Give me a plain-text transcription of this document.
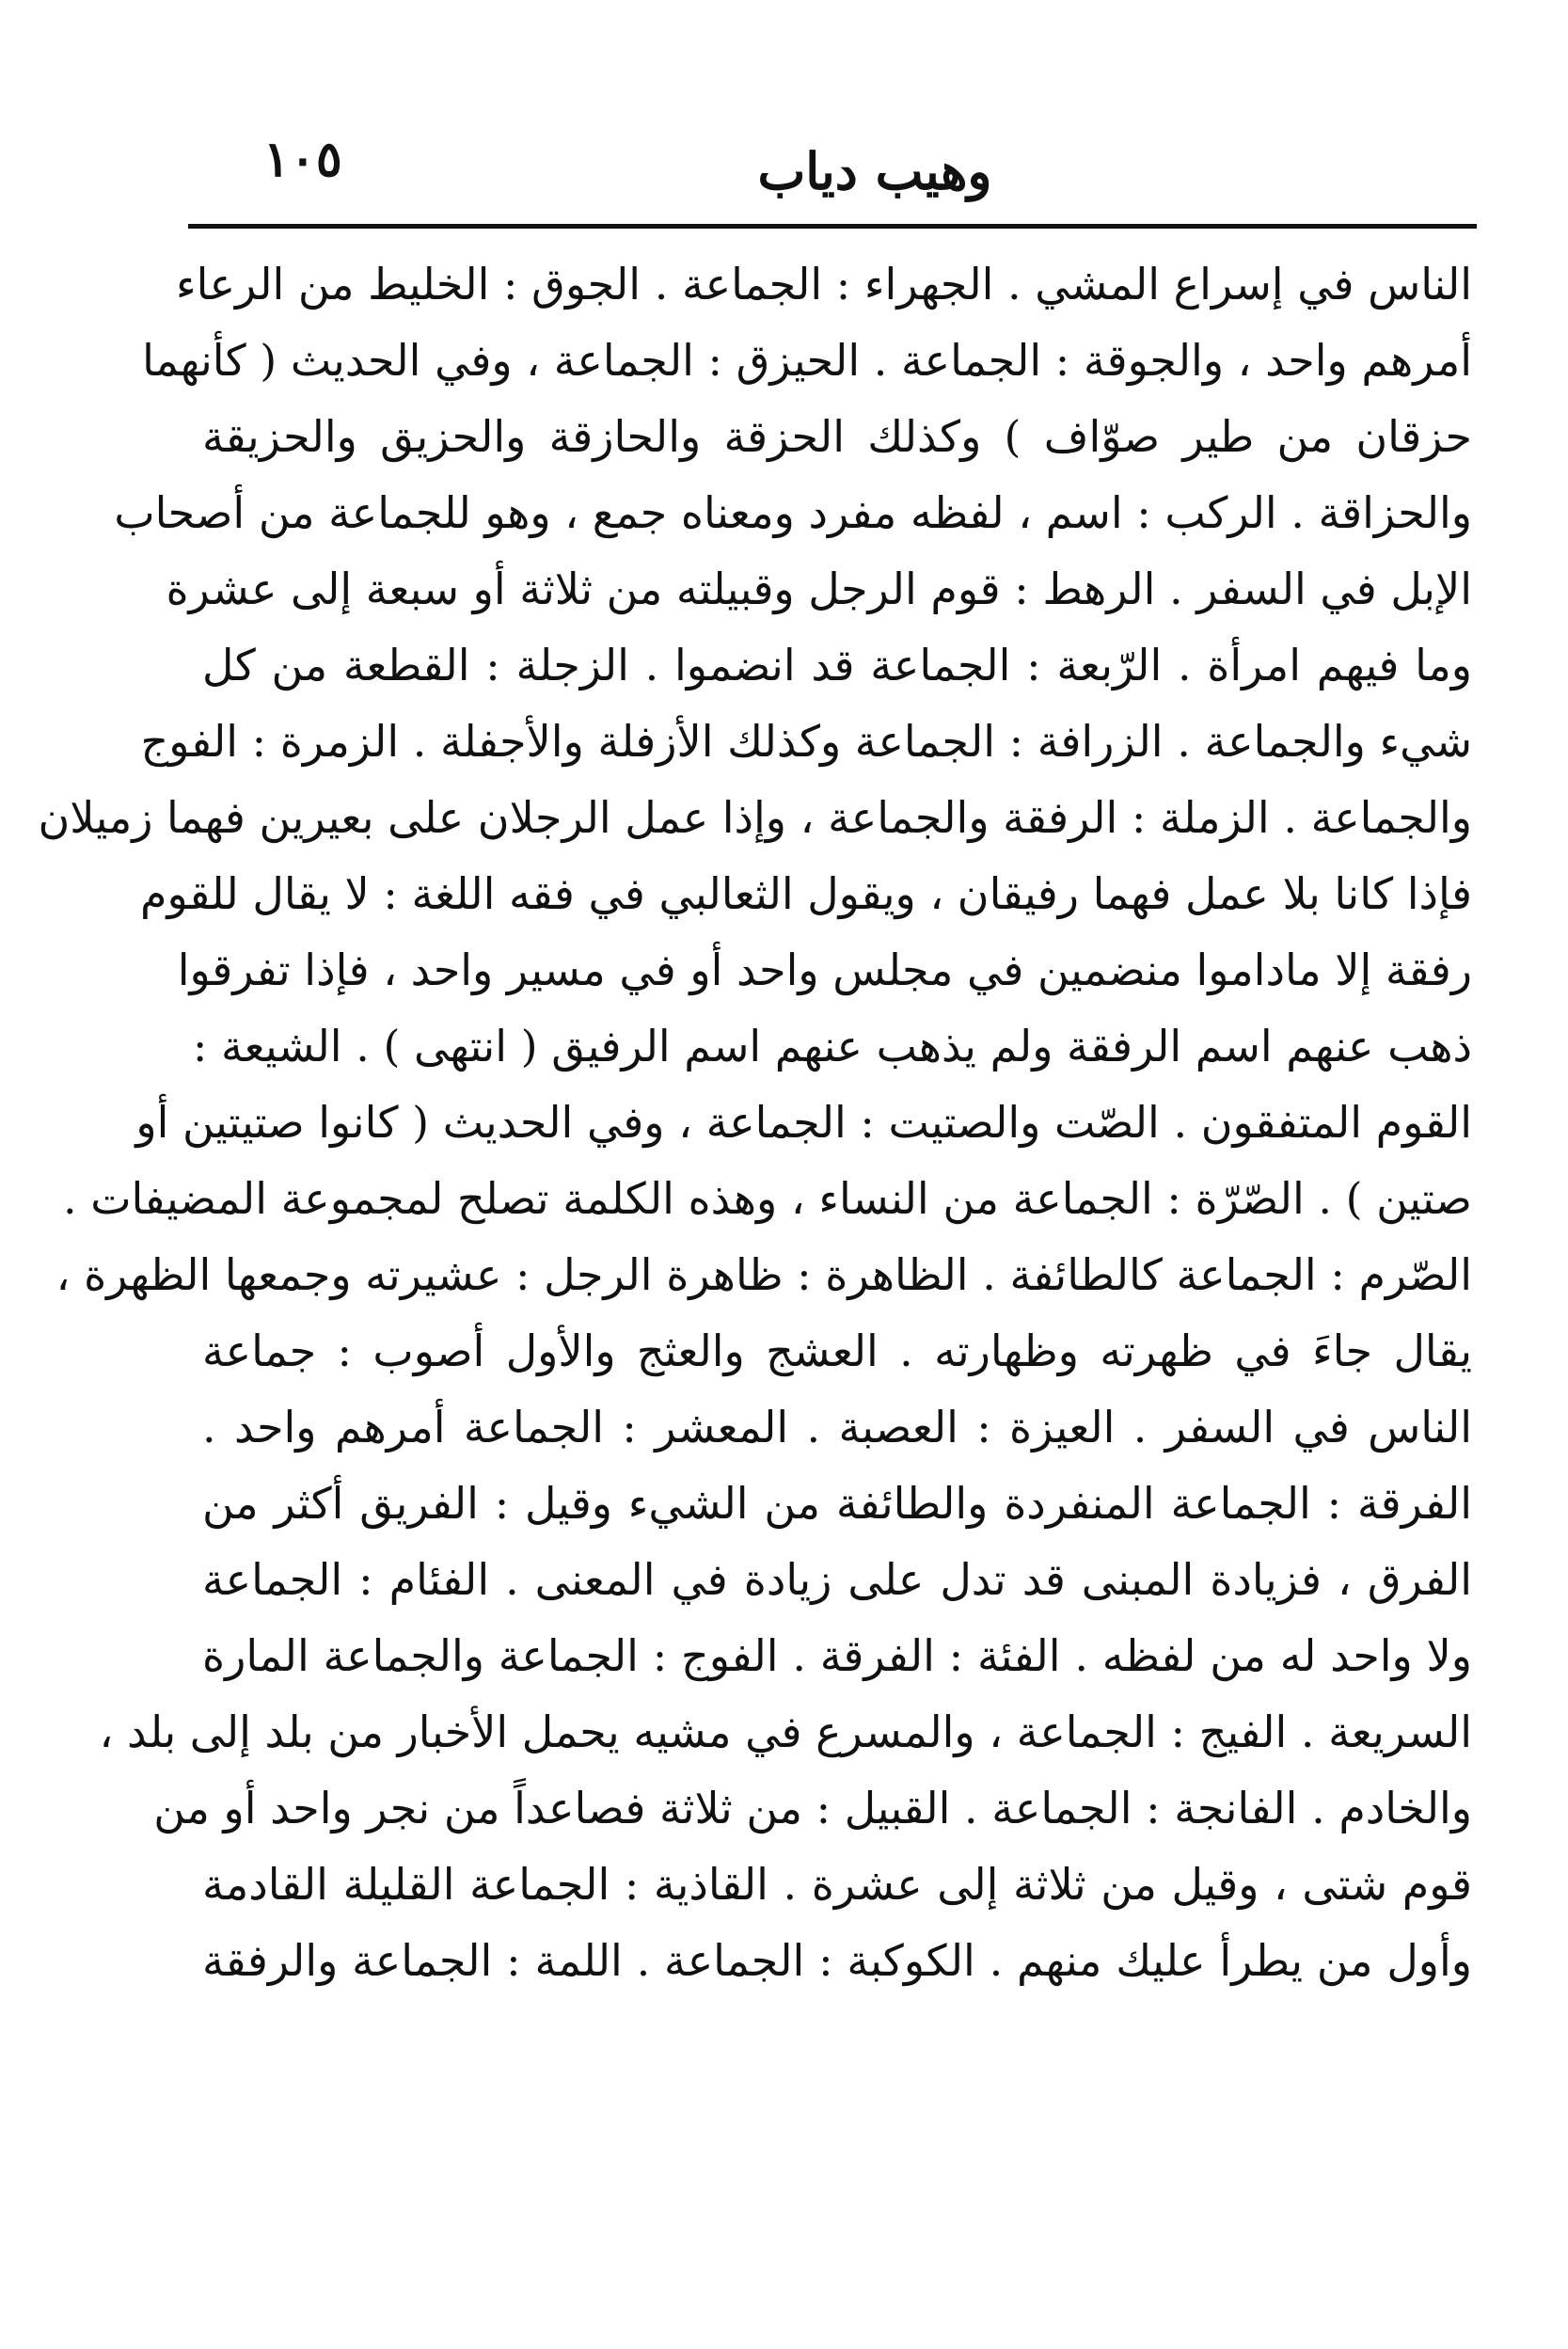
١٠٥	وهيب دياب
الناس في إسراع المشي . الجهراء : الجماعة . الجوق : الخليط من الرعاء
أمرهم واحد ، والجوقة : الجماعة . الحيزق : الجماعة ، وفي الحديث ( كأنهما
حزقان من طير صوّاف ) وكذلك الحزقة والحازقة والحزيق والحزيقة
والحزاقة . الركب : اسم ، لفظه مفرد ومعناه جمع ، وهو للجماعة من أصحاب
الإبل في السفر . الرهط : قوم الرجل وقبيلته من ثلاثة أو سبعة إلى عشرة
وما فيهم امرأة . الرّبعة : الجماعة قد انضموا . الزجلة : القطعة من كل
شيء والجماعة . الزرافة : الجماعة وكذلك الأزفلة والأجفلة . الزمرة : الفوج
والجماعة . الزملة : الرفقة والجماعة ، وإذا عمل الرجلان على بعيرين فهما زميلان
فإذا كانا بلا عمل فهما رفيقان ، ويقول الثعالبي في فقه اللغة : لا يقال للقوم
رفقة إلا ماداموا منضمين في مجلس واحد أو في مسير واحد ، فإذا تفرقوا
ذهب عنهم اسم الرفقة ولم يذهب عنهم اسم الرفيق ( انتهى ) . الشيعة :
القوم المتفقون . الصّت والصتيت : الجماعة ، وفي الحديث ( كانوا صتيتين أو
صتين ) . الصّرّة : الجماعة من النساء ، وهذه الكلمة تصلح لمجموعة المضيفات .
الصّرم : الجماعة كالطائفة . الظاهرة : ظاهرة الرجل : عشيرته وجمعها الظهرة ،
يقال جاءَ في ظهرته وظهارته . العشج والعثج والأول أصوب : جماعة
الناس في السفر . العيزة : العصبة . المعشر : الجماعة أمرهم واحد .
الفرقة : الجماعة المنفردة والطائفة من الشيء وقيل : الفريق أكثر من
الفرق ، فزيادة المبنى قد تدل على زيادة في المعنى . الفئام : الجماعة
ولا واحد له من لفظه . الفئة : الفرقة . الفوج : الجماعة والجماعة المارة
السريعة . الفيج : الجماعة ، والمسرع في مشيه يحمل الأخبار من بلد إلى بلد ،
والخادم . الفانجة : الجماعة . القبيل : من ثلاثة فصاعداً من نجر واحد أو من
قوم شتى ، وقيل من ثلاثة إلى عشرة . القاذية : الجماعة القليلة القادمة
وأول من يطرأ عليك منهم . الكوكبة : الجماعة . اللمة : الجماعة والرفقة
